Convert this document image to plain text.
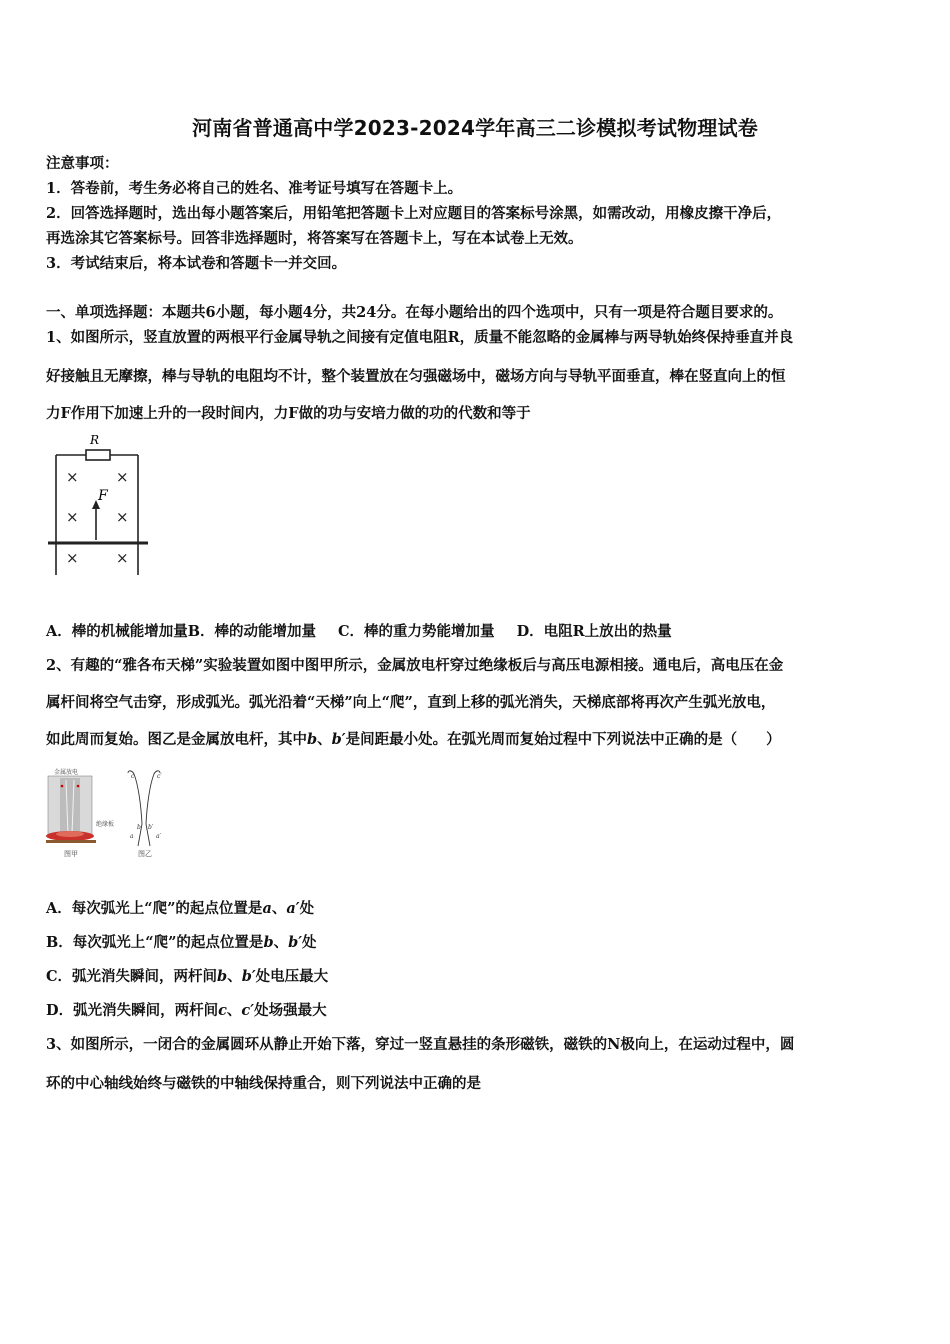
河南省普通高中学2023-2024学年高三二诊模拟考试物理试卷
注意事项：
1．答卷前，考生务必将自己的姓名、准考证号填写在答题卡上。
2．回答选择题时，选出每小题答案后，用铅笔把答题卡上对应题目的答案标号涂黑，如需改动，用橡皮擦干净后，
再选涂其它答案标号。回答非选择题时，将答案写在答题卡上，写在本试卷上无效。
3．考试结束后，将本试卷和答题卡一并交回。
一、单项选择题：本题共6小题，每小题4分，共24分。在每小题给出的四个选项中，只有一项是符合题目要求的。
1、如图所示，竖直放置的两根平行金属导轨之间接有定值电阻R，质量不能忽略的金属棒与两导轨始终保持垂直并良
好接触且无摩擦，棒与导轨的电阻均不计，整个装置放在匀强磁场中，磁场方向与导轨平面垂直，棒在竖直向上的恒
力F作用下加速上升的一段时间内，力F做的功与安培力做的功的代数和等于
R
F
× ×
× ×
× ×
A．棒的机械能增加量B．棒的动能增加量 C．棒的重力势能增加量 D．电阻R上放出的热量
2、有趣的“雅各布天梯”实验装置如图中图甲所示，金属放电杆穿过绝缘板后与高压电源相接。通电后，高电压在金
属杆间将空气击穿，形成弧光。弧光沿着“天梯”向上“爬”，直到上移的弧光消失，天梯底部将再次产生弧光放电，
如此周而复始。图乙是金属放电杆，其中b、b′是间距最小处。在弧光周而复始过程中下列说法中正确的是（　　）
金属放电
绝缘板
图甲
c	c′
b b′
a	a′
图乙
A．每次弧光上“爬”的起点位置是a、a′处
B．每次弧光上“爬”的起点位置是b、b′处
C．弧光消失瞬间，两杆间b、b′处电压最大
D．弧光消失瞬间，两杆间c、c′处场强最大
3、如图所示，一闭合的金属圆环从静止开始下落，穿过一竖直悬挂的条形磁铁，磁铁的N极向上，在运动过程中，圆
环的中心轴线始终与磁铁的中轴线保持重合，则下列说法中正确的是
